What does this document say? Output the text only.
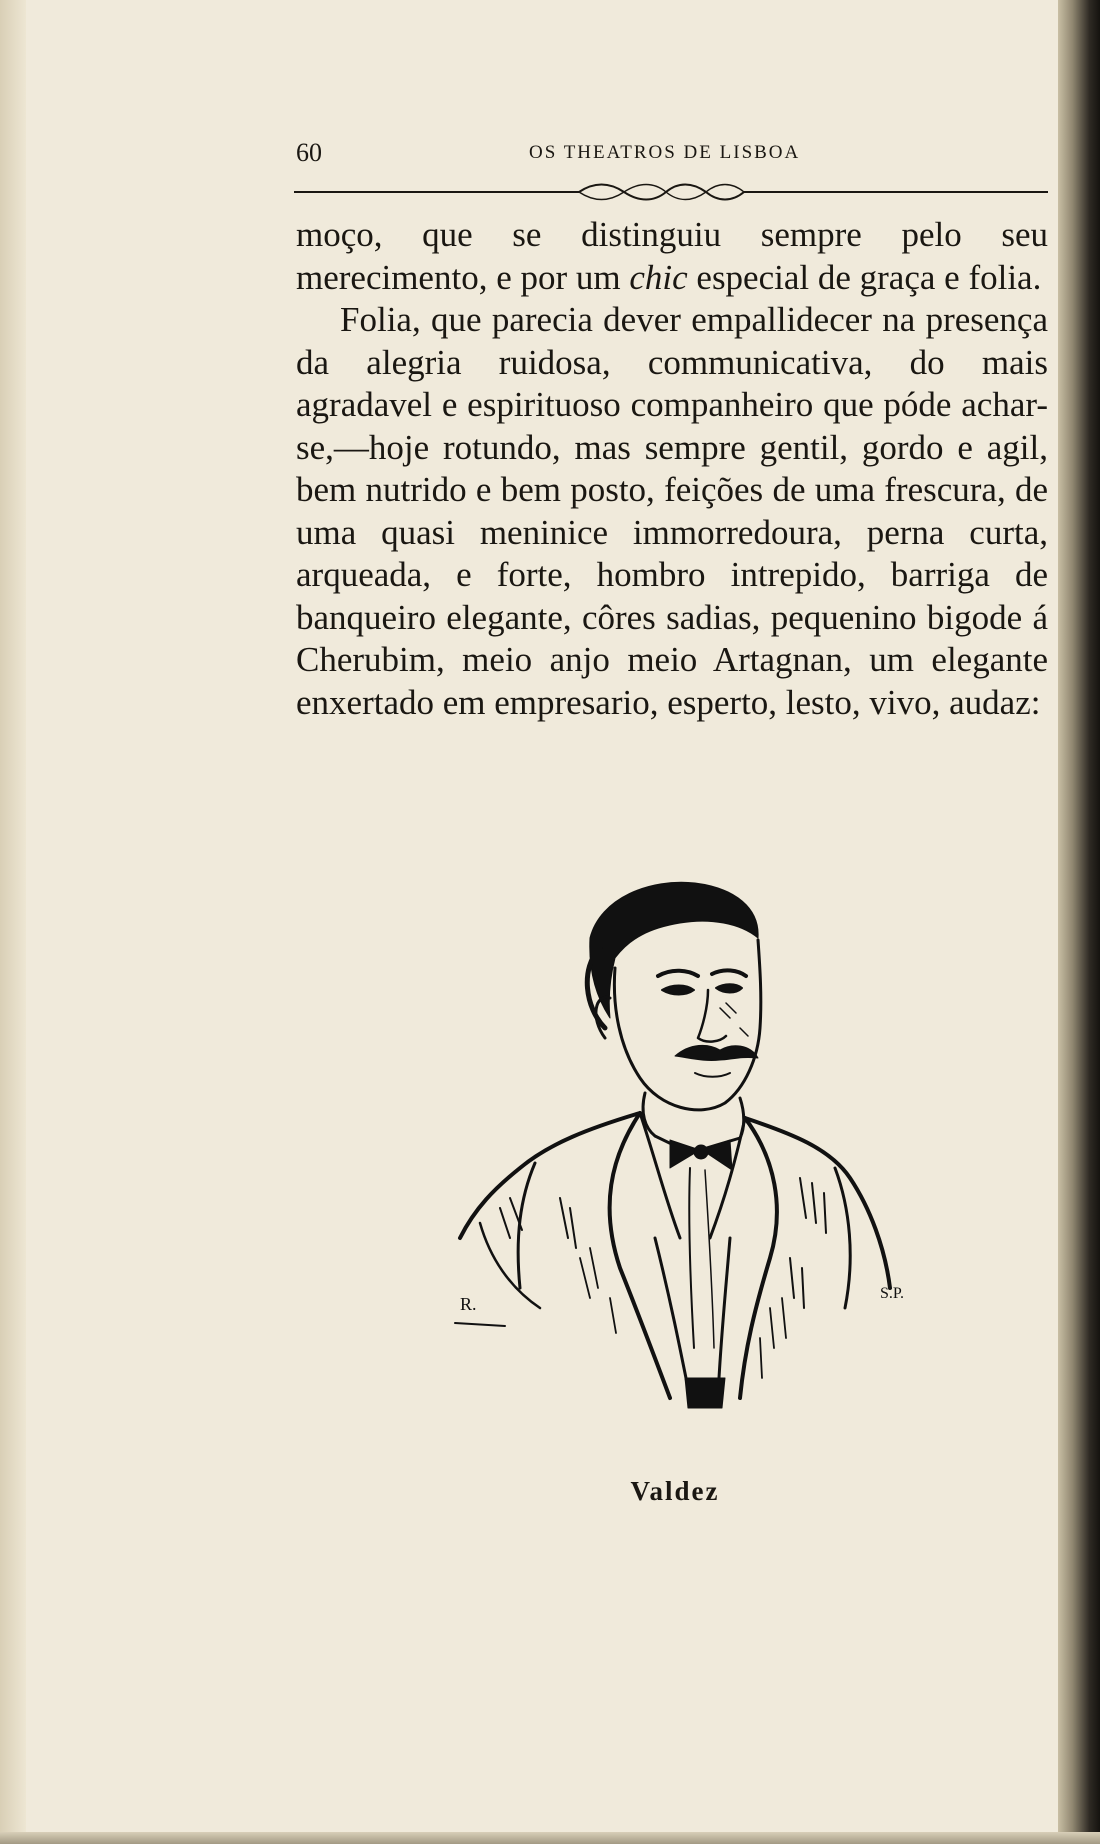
60	OS THEATROS DE LISBOA

moço, que se distinguiu sempre pelo seu merecimento, e por um chic especial de graça e folia.

Folia, que parecia dever empallidecer na presença da alegria ruidosa, communicativa, do mais agradavel e espirituoso companheiro que póde achar-se,—hoje rotundo, mas sempre gentil, gordo e agil, bem nutrido e bem posto, feições de uma frescura, de uma quasi meninice immorredoura, perna curta, arqueada, e forte, hombro intrepido, barriga de banqueiro elegante, côres sadias, pequenino bigode á Cherubim, meio anjo meio Artagnan, um elegante enxertado em empresario, esperto, lesto, vivo, audaz:

R.
S.P.
Valdez
